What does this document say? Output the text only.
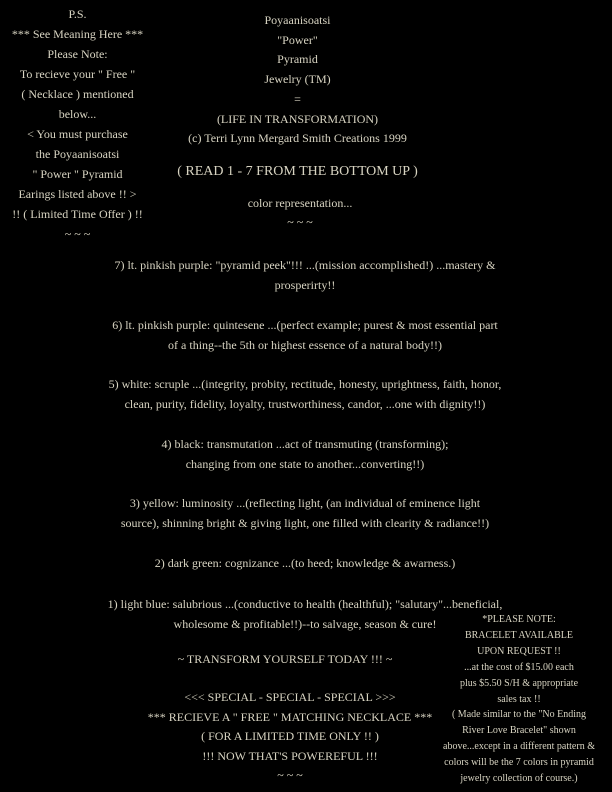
P.S.
*** See Meaning Here ***
Please Note:
To recieve your " Free "
( Necklace ) mentioned
below...
< You must purchase
the Poyaanisoatsi
" Power " Pyramid
Earings listed above !! >
!! ( Limited Time Offer ) !!
~ ~ ~
Poyaanisoatsi
"Power"
Pyramid
Jewelry (TM)
=
(LIFE IN TRANSFORMATION)
(c) Terri Lynn Mergard Smith Creations 1999
( READ 1 - 7 FROM THE BOTTOM UP )
color representation...
~ ~ ~
7) lt. pinkish purple: "pyramid peek"!!! ...(mission accomplished!) ...mastery &
prosperirty!!
6) lt. pinkish purple: quintesene ...(perfect example; purest & most essential part
of a thing--the 5th or highest essence of a natural body!!)
5) white: scruple ...(integrity, probity, rectitude, honesty, uprightness, faith, honor,
clean, purity, fidelity, loyalty, trustworthiness, candor, ...one with dignity!!)
4) black: transmutation ...act of transmuting (transforming);
changing from one state to another...converting!!)
3) yellow: luminosity ...(reflecting light, (an individual of eminence light
source), shinning bright & giving light, one filled with clearity & radiance!!)
2) dark green: cognizance ...(to heed; knowledge & awarness.)
1) light blue: salubrious ...(conductive to health (healthful); "salutary"...beneficial,
wholesome & profitable!!)--to salvage, season & cure!
~ TRANSFORM YOURSELF TODAY !!! ~
<<< SPECIAL - SPECIAL - SPECIAL >>>
*** RECIEVE A " FREE " MATCHING NECKLACE ***
( FOR A LIMITED TIME ONLY !! )
!!! NOW THAT'S POWEREFUL !!!
~ ~ ~
*PLEASE NOTE:
BRACELET AVAILABLE
UPON REQUEST !!
...at the cost of $15.00 each
plus $5.50 S/H & appropriate
sales tax !!
( Made similar to the "No Ending
River Love Bracelet" shown
above...except in a different pattern &
colors will be the 7 colors in pyramid
jewelry collection of course.)
